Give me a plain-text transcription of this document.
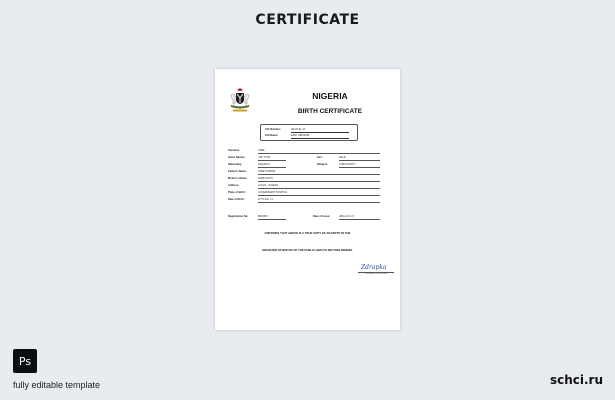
CERTIFICATE
NIGERIA
BIRTH CERTIFICATE
CIC Number:	IW-23-31-17
Full Name:	ESM. UBOSOR
Surname:	USBE
Given Names:	UTE TYOR	Sex:	MALE
Nationality:	NIGERIAN	Religion:	CHRISTIANITY
Father's Name:	USBE SOSBOR
Mother's Name:	ADEB SMITH
Address:	LAGOS - NIGERIA
Place of Birth:	GOVERNMENT HOSPITAL
Date of Birth:	11TH JUN, 11
Registration No:	BIR/3867	Date of Issue:	ABLE 23-3-17
CERTIFIED THAT ABOVE IS A TRUE COPY OF AN ENTRY IN THE
REGISTER OF BIRTHS OF THE PUBLIC HEALTH SECTION NIGERIA
Zdrapka
GENERAL REGISTRAR
Ps
fully editable template	schci.ru
